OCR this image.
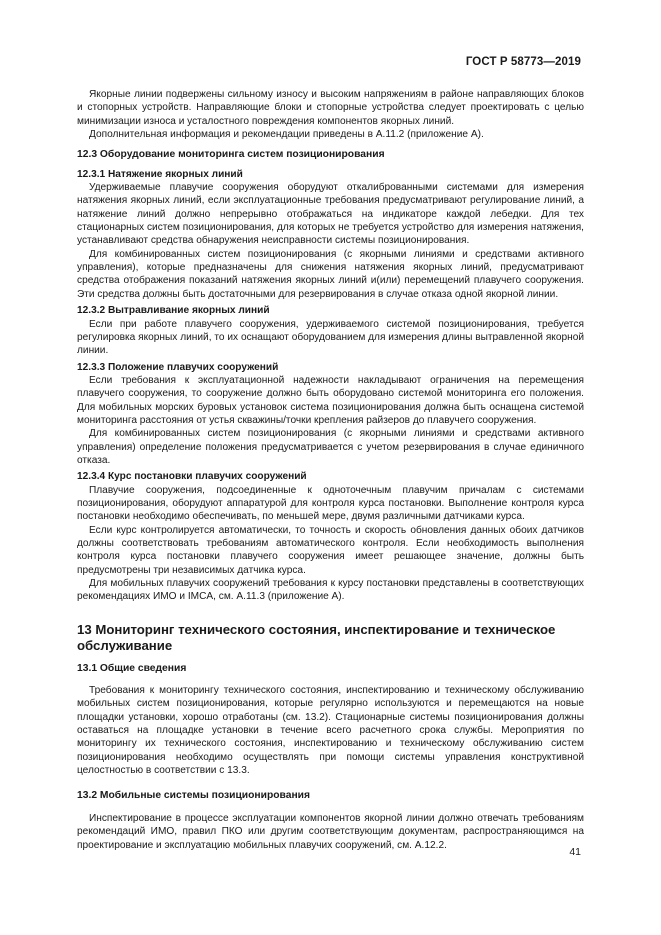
ГОСТ Р 58773—2019

Якорные линии подвержены сильному износу и высоким напряжениям в районе направляющих блоков и стопорных устройств. Направляющие блоки и стопорные устройства следует проектировать с целью минимизации износа и усталостного повреждения компонентов якорных линий.

Дополнительная информация и рекомендации приведены в А.11.2 (приложение А).

12.3 Оборудование мониторинга систем позиционирования
12.3.1 Натяжение якорных линий

Удерживаемые плавучие сооружения оборудуют откалиброванными системами для измерения натяжения якорных линий, если эксплуатационные требования предусматривают регулирование линий, а натяжение линий должно непрерывно отображаться на индикаторе каждой лебедки. Для тех стационарных систем позиционирования, для которых не требуется устройство для измерения натяжения, устанавливают средства обнаружения неисправности системы позиционирования.

Для комбинированных систем позиционирования (с якорными линиями и средствами активного управления), которые предназначены для снижения натяжения якорных линий, предусматривают средства отображения показаний натяжения якорных линий и(или) перемещений плавучего сооружения. Эти средства должны быть достаточными для резервирования в случае отказа одной якорной линии.

12.3.2 Вытравливание якорных линий

Если при работе плавучего сооружения, удерживаемого системой позиционирования, требуется регулировка якорных линий, то их оснащают оборудованием для измерения длины вытравленной якорной линии.

12.3.3 Положение плавучих сооружений

Если требования к эксплуатационной надежности накладывают ограничения на перемещения плавучего сооружения, то сооружение должно быть оборудовано системой мониторинга его положения. Для мобильных морских буровых установок система позиционирования должна быть оснащена системой мониторинга расстояния от устья скважины/точки крепления райзеров до плавучего сооружения.

Для комбинированных систем позиционирования (с якорными линиями и средствами активного управления) определение положения предусматривается с учетом резервирования в случае единичного отказа.

12.3.4 Курс постановки плавучих сооружений

Плавучие сооружения, подсоединенные к одноточечным плавучим причалам с системами позиционирования, оборудуют аппаратурой для контроля курса постановки. Выполнение контроля курса постановки необходимо обеспечивать, по меньшей мере, двумя различными датчиками курса.

Если курс контролируется автоматически, то точность и скорость обновления данных обоих датчиков должны соответствовать требованиям автоматического контроля. Если необходимость выполнения контроля курса постановки плавучего сооружения имеет решающее значение, должны быть предусмотрены три независимых датчика курса.

Для мобильных плавучих сооружений требования к курсу постановки представлены в соответствующих рекомендациях ИМО и IMCA, см. А.11.3 (приложение А).

13 Мониторинг технического состояния, инспектирование и техническое обслуживание
13.1 Общие сведения

Требования к мониторингу технического состояния, инспектированию и техническому обслуживанию мобильных систем позиционирования, которые регулярно используются и перемещаются на новые площадки установки, хорошо отработаны (см. 13.2). Стационарные системы позиционирования должны оставаться на площадке установки в течение всего расчетного срока службы. Мероприятия по мониторингу их технического состояния, инспектированию и техническому обслуживанию систем позиционирования необходимо осуществлять при помощи системы управления конструктивной целостностью в соответствии с 13.3.

13.2 Мобильные системы позиционирования

Инспектирование в процессе эксплуатации компонентов якорной линии должно отвечать требованиям рекомендаций ИМО, правил ПКО или другим соответствующим документам, распространяющимся на проектирование и эксплуатацию мобильных плавучих сооружений, см. А.12.2.

41
